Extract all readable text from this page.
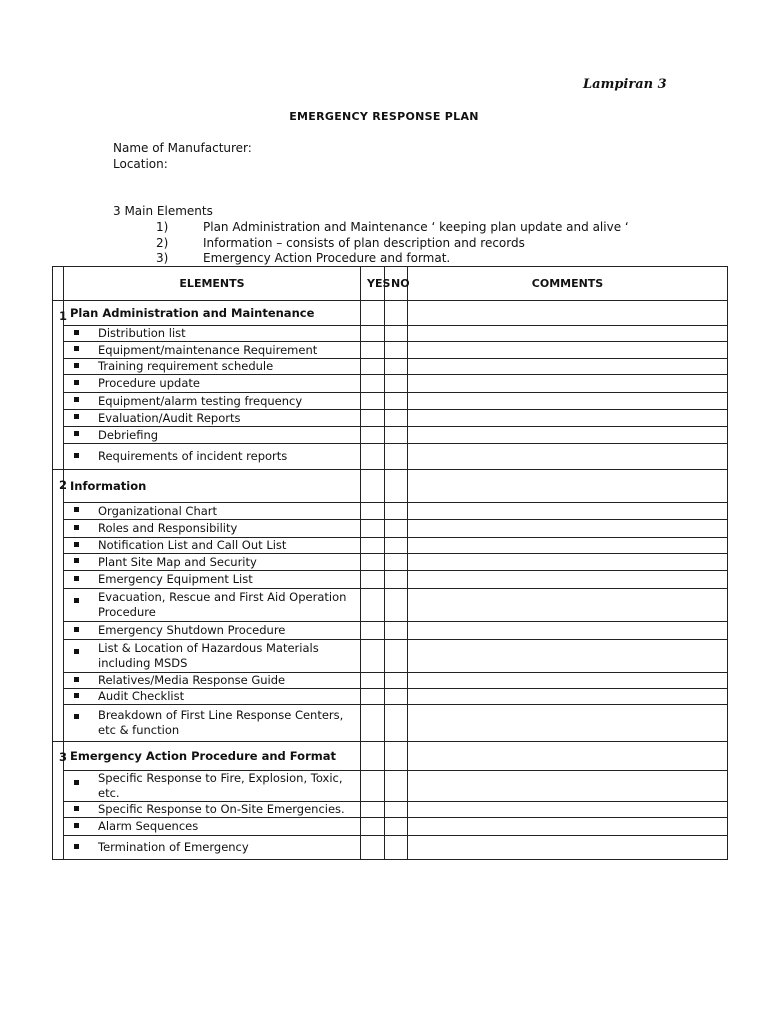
Lampiran 3
EMERGENCY RESPONSE PLAN
Name of Manufacturer:
Location:
3 Main Elements
1)	Plan Administration and Maintenance ‘ keeping plan update and alive ‘
2)	Information – consists of plan description and records
3)	Emergency Action Procedure and format.
	ELEMENTS	YES	NO	COMMENTS
1	Plan Administration and Maintenance			

Distribution list			

Equipment/maintenance Requirement			

Training requirement schedule			

Procedure update			

Equipment/alarm testing frequency			

Evaluation/Audit Reports			

Debriefing			

Requirements of incident reports			
2	Information			

Organizational Chart			

Roles and Responsibility			

Notification List and Call Out List			

Plant Site Map and Security			

Emergency Equipment List			

Evacuation, Rescue and First Aid Operation Procedure			

Emergency Shutdown Procedure			

List & Location of Hazardous Materials including MSDS			

Relatives/Media Response Guide			

Audit Checklist			

Breakdown of First Line Response Centers, etc & function			
3	Emergency Action Procedure and Format			

Specific Response to Fire, Explosion, Toxic, etc.			

Specific Response to On-Site Emergencies.			

Alarm Sequences			

Termination of Emergency			
